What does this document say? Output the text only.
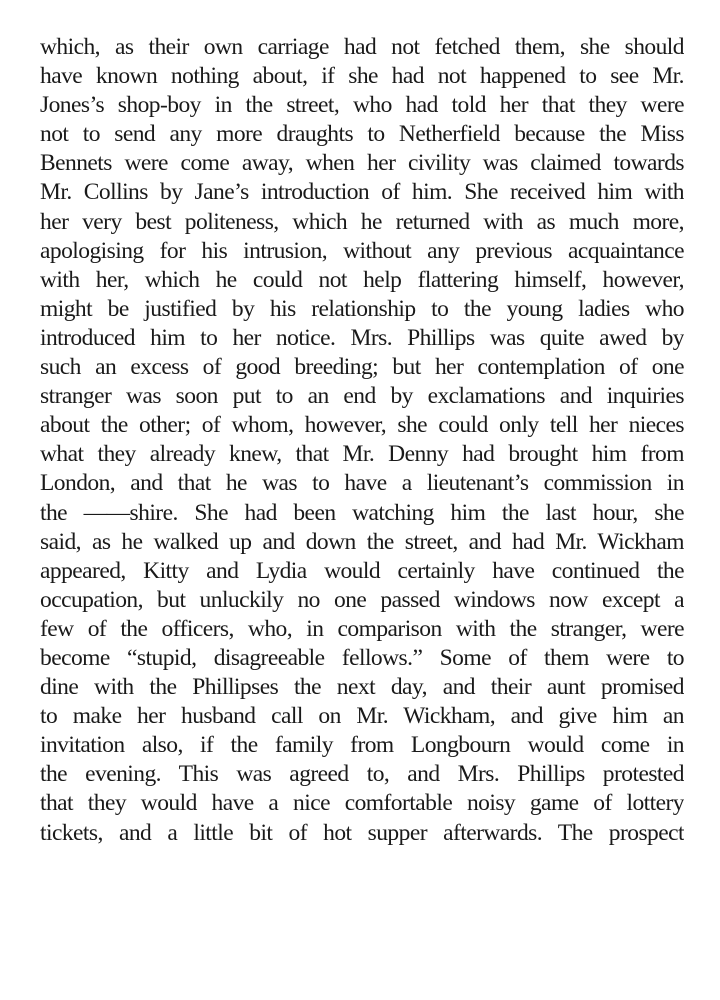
which, as their own carriage had not fetched them, she should
have known nothing about, if she had not happened to see Mr.
Jones’s shop-boy in the street, who had told her that they were
not to send any more draughts to Netherfield because the Miss
Bennets were come away, when her civility was claimed towards
Mr. Collins by Jane’s introduction of him. She received him with
her very best politeness, which he returned with as much more,
apologising for his intrusion, without any previous acquaintance
with her, which he could not help flattering himself, however,
might be justified by his relationship to the young ladies who
introduced him to her notice. Mrs. Phillips was quite awed by
such an excess of good breeding; but her contemplation of one
stranger was soon put to an end by exclamations and inquiries
about the other; of whom, however, she could only tell her nieces
what they already knew, that Mr. Denny had brought him from
London, and that he was to have a lieutenant’s commission in
the ——shire. She had been watching him the last hour, she
said, as he walked up and down the street, and had Mr. Wickham
appeared, Kitty and Lydia would certainly have continued the
occupation, but unluckily no one passed windows now except a
few of the officers, who, in comparison with the stranger, were
become “stupid, disagreeable fellows.” Some of them were to
dine with the Phillipses the next day, and their aunt promised
to make her husband call on Mr. Wickham, and give him an
invitation also, if the family from Longbourn would come in
the evening. This was agreed to, and Mrs. Phillips protested
that they would have a nice comfortable noisy game of lottery
tickets, and a little bit of hot supper afterwards. The prospect
